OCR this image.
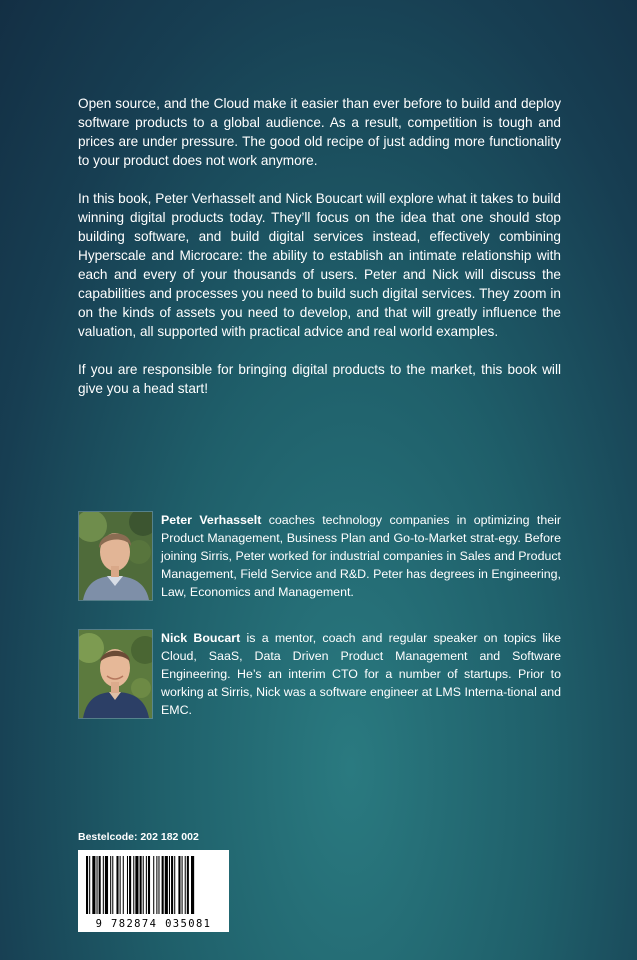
Open source, and the Cloud make it easier than ever before to build and deploy software products to a global audience. As a result, competition is tough and prices are under pressure. The good old recipe of just adding more functionality to your product does not work anymore.

In this book, Peter Verhasselt and Nick Boucart will explore what it takes to build winning digital products today. They’ll focus on the idea that one should stop building software, and build digital services instead, effectively combining Hyperscale and Microcare: the ability to establish an intimate relationship with each and every of your thousands of users. Peter and Nick will discuss the capabilities and processes you need to build such digital services. They zoom in on the kinds of assets you need to develop, and that will greatly influence the valuation, all supported with practical advice and real world examples.

If you are responsible for bringing digital products to the market, this book will give you a head start!

Peter Verhasselt coaches technology companies in optimizing their Product Management, Business Plan and Go-to-Market strat-egy. Before joining Sirris, Peter worked for industrial companies in Sales and Product Management, Field Service and R&D. Peter has degrees in Engineering, Law, Economics and Management.

Nick Boucart is a mentor, coach and regular speaker on topics like Cloud, SaaS, Data Driven Product Management and Software Engineering. He’s an interim CTO for a number of startups. Prior to working at Sirris, Nick was a software engineer at LMS Interna-tional and EMC.

Bestelcode: 202 182 002
9 782874 035081
